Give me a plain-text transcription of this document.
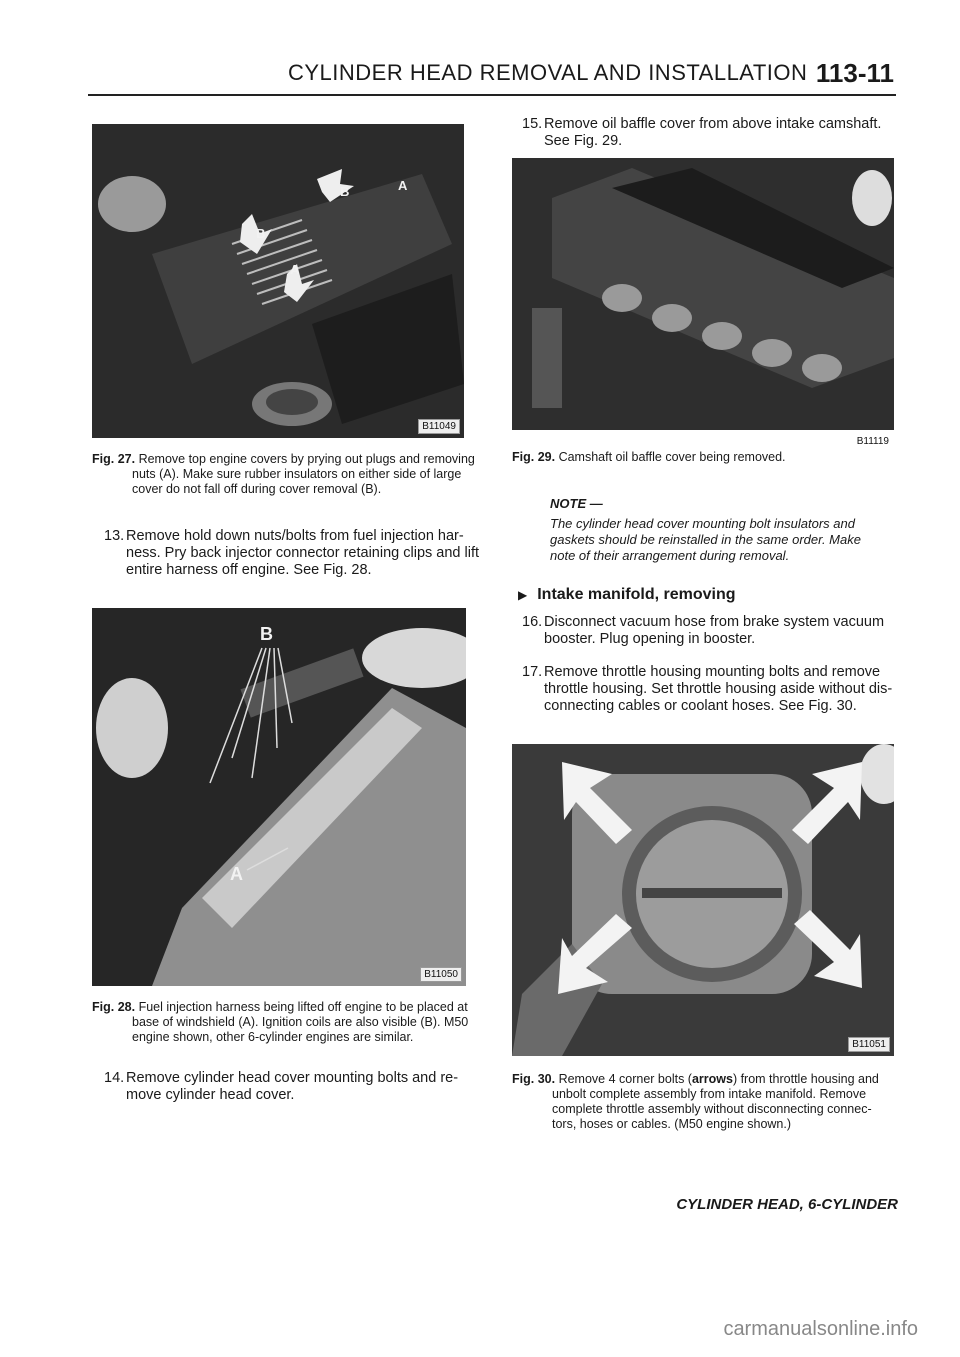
CYLINDER HEAD REMOVAL AND INSTALLATION 113-11
B	A
B
A
B11049
Fig. 27. Remove top engine covers by prying out plugs and removing
nuts (A). Make sure rubber insulators on either side of large
cover do not fall off during cover removal (B).
13. Remove hold down nuts/bolts from fuel injection har-
ness. Pry back injector connector retaining clips and lift
entire harness off engine. See Fig. 28.
B
A
B11050
Fig. 28. Fuel injection harness being lifted off engine to be placed at
base of windshield (A). Ignition coils are also visible (B). M50
engine shown, other 6-cylinder engines are similar.
14. Remove cylinder head cover mounting bolts and re-
move cylinder head cover.
15. Remove oil baffle cover from above intake camshaft.
See Fig. 29.
B11119
Fig. 29. Camshaft oil baffle cover being removed.
NOTE —
The cylinder head cover mounting bolt insulators and
gaskets should be reinstalled in the same order. Make
note of their arrangement during removal.
▶ Intake manifold, removing
16. Disconnect vacuum hose from brake system vacuum
booster. Plug opening in booster.
17. Remove throttle housing mounting bolts and remove
throttle housing. Set throttle housing aside without dis-
connecting cables or coolant hoses. See Fig. 30.
B11051
Fig. 30. Remove 4 corner bolts (arrows) from throttle housing and
unbolt complete assembly from intake manifold. Remove
complete throttle assembly without disconnecting connec-
tors, hoses or cables. (M50 engine shown.)
CYLINDER HEAD, 6-CYLINDER
carmanualsonline.info
